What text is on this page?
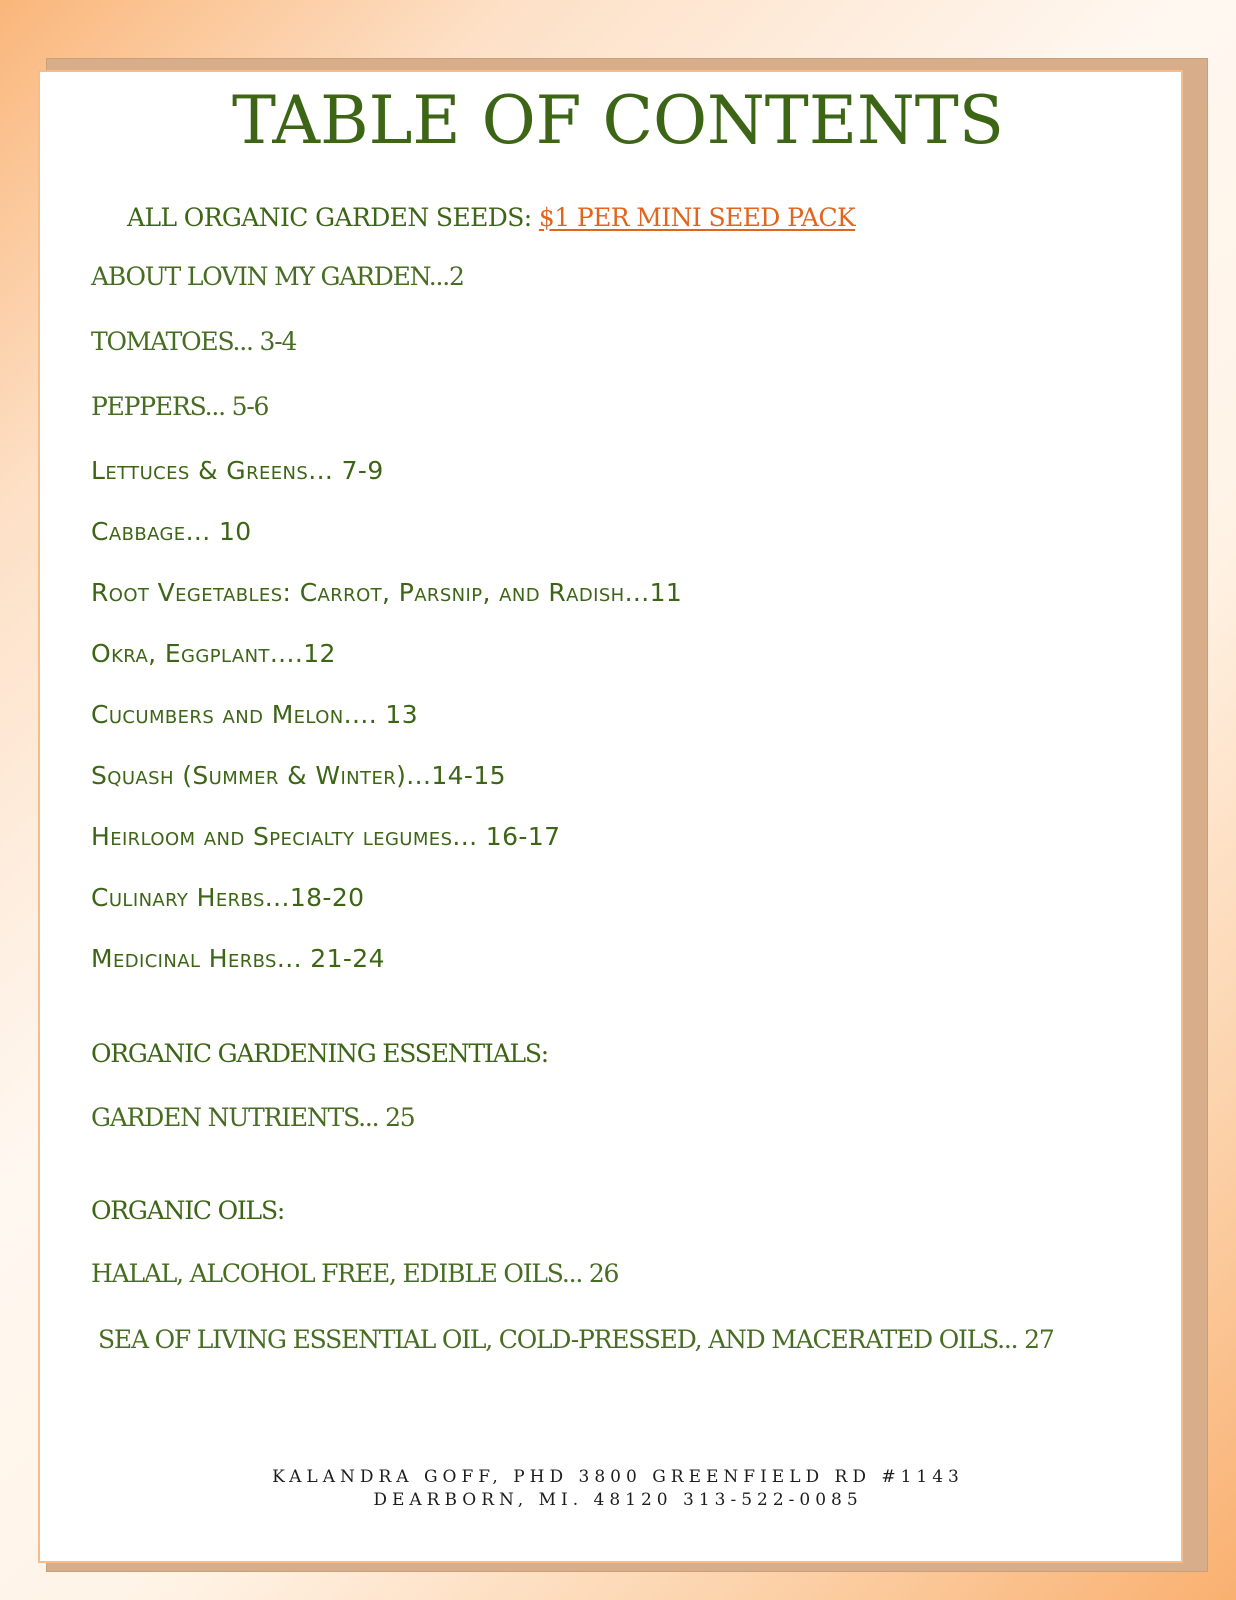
TABLE OF CONTENTS
ALL ORGANIC GARDEN SEEDS: $1 PER MINI SEED PACK
ABOUT LOVIN MY GARDEN...2
TOMATOES... 3-4
PEPPERS... 5-6
Lettuces & Greens... 7-9
Cabbage... 10
Root Vegetables: Carrot, Parsnip, and Radish...11
Okra, Eggplant....12
Cucumbers and Melon.... 13
Squash (Summer & Winter)...14-15
Heirloom and Specialty legumes... 16-17
Culinary Herbs...18-20
Medicinal Herbs... 21-24
ORGANIC GARDENING ESSENTIALS:
GARDEN NUTRIENTS... 25
ORGANIC OILS:
HALAL, ALCOHOL FREE, EDIBLE OILS... 26
SEA OF LIVING ESSENTIAL OIL, COLD-PRESSED, AND MACERATED OILS... 27
KALANDRA GOFF, PHD 3800 GREENFIELD RD #1143
DEARBORN, MI. 48120 313-522-0085
